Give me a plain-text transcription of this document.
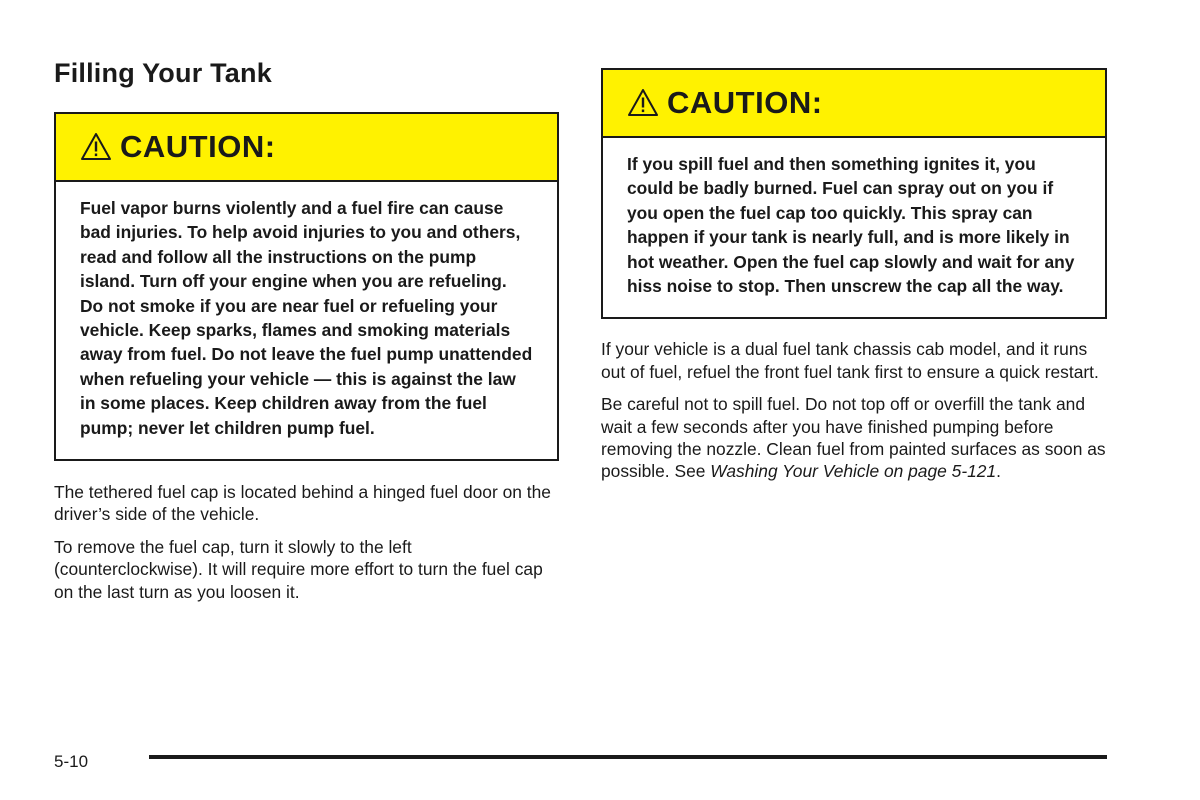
Filling Your Tank
CAUTION:

Fuel vapor burns violently and a fuel fire can cause bad injuries. To help avoid injuries to you and others, read and follow all the instructions on the pump island. Turn off your engine when you are refueling. Do not smoke if you are near fuel or refueling your vehicle. Keep sparks, flames and smoking materials away from fuel. Do not leave the fuel pump unattended when refueling your vehicle — this is against the law in some places. Keep children away from the fuel pump; never let children pump fuel.

The tethered fuel cap is located behind a hinged fuel door on the driver’s side of the vehicle.

To remove the fuel cap, turn it slowly to the left (counterclockwise). It will require more effort to turn the fuel cap on the last turn as you loosen it.

CAUTION:

If you spill fuel and then something ignites it, you could be badly burned. Fuel can spray out on you if you open the fuel cap too quickly. This spray can happen if your tank is nearly full, and is more likely in hot weather. Open the fuel cap slowly and wait for any hiss noise to stop. Then unscrew the cap all the way.

If your vehicle is a dual fuel tank chassis cab model, and it runs out of fuel, refuel the front fuel tank first to ensure a quick restart.

Be careful not to spill fuel. Do not top off or overfill the tank and wait a few seconds after you have finished pumping before removing the nozzle. Clean fuel from painted surfaces as soon as possible. See Washing Your Vehicle on page 5-121.

5-10
